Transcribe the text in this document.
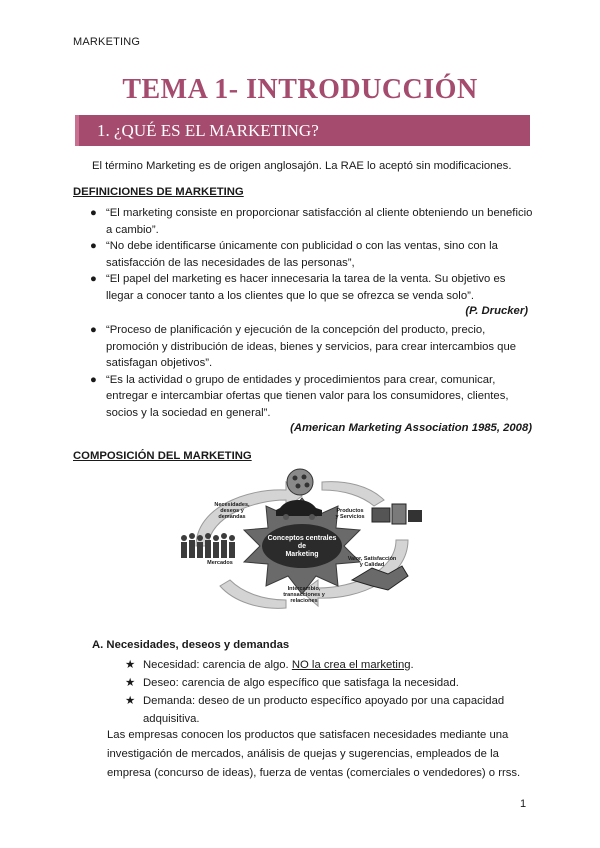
MARKETING
TEMA 1- INTRODUCCIÓN
1. ¿QUÉ ES EL MARKETING?
El término Marketing es de origen anglosajón. La RAE lo aceptó sin modificaciones.
DEFINICIONES DE MARKETING
● “El marketing consiste en proporcionar satisfacción al cliente obteniendo un beneficio a cambio”.
● “No debe identificarse únicamente con publicidad o con las ventas, sino con la satisfacción de las necesidades de las personas”,
● “El papel del marketing es hacer innecesaria la tarea de la venta. Su objetivo es llegar a conocer tanto a los clientes que lo que se ofrezca se venda solo”.
(P. Drucker)
● “Proceso de planificación y ejecución de la concepción del producto, precio, promoción y distribución de ideas, bienes y servicios, para crear intercambios que satisfagan objetivos”.
● “Es la actividad o grupo de entidades y procedimientos para crear, comunicar, entregar e intercambiar ofertas que tienen valor para los consumidores, clientes, socios y la sociedad en general”.
(American Marketing Association 1985, 2008)
COMPOSICIÓN DEL MARKETING
Conceptos centrales
de
Marketing
Necesidades,
deseos y
demandas
Productos
y Servicios
Mercados
Valor, Satisfacción
y Calidad
Intercambio,
transacciones y
relaciones
A. Necesidades, deseos y demandas
★ Necesidad: carencia de algo. NO la crea el marketing.
★ Deseo: carencia de algo específico que satisfaga la necesidad.
★ Demanda: deseo de un producto específico apoyado por una capacidad adquisitiva.
Las empresas conocen los productos que satisfacen necesidades mediante una investigación de mercados, análisis de quejas y sugerencias, empleados de la empresa (concurso de ideas), fuerza de ventas (comerciales o vendedores) o rrss.
1
